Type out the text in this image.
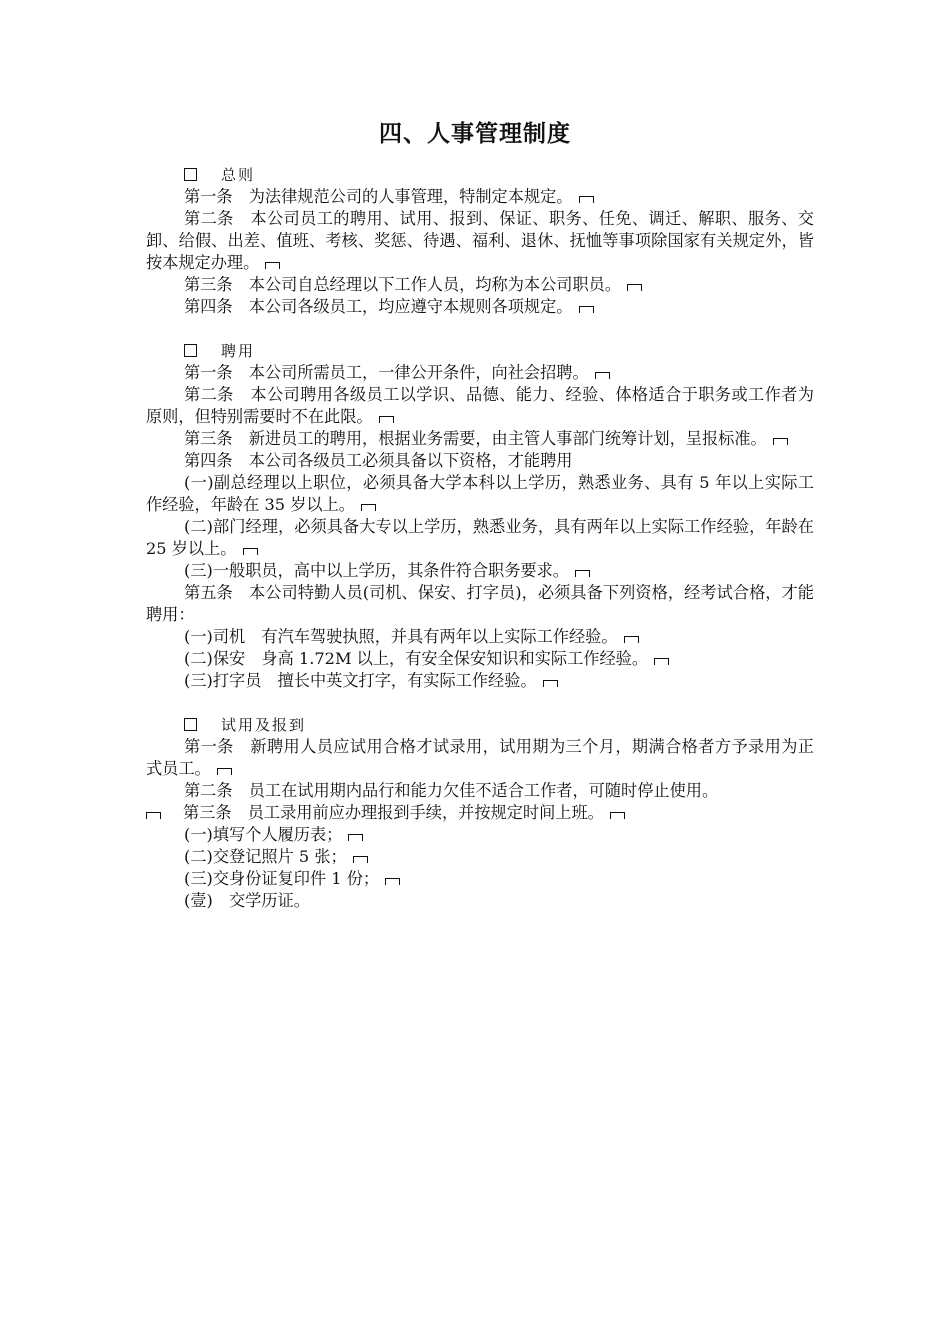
四、人事管理制度
总则
第一条　为法律规范公司的人事管理，特制定本规定。
第二条　本公司员工的聘用、试用、报到、保证、职务、任免、调迁、解职、服务、交卸、给假、出差、值班、考核、奖惩、待遇、福利、退休、抚恤等事项除国家有关规定外，皆按本规定办理。
第三条　本公司自总经理以下工作人员，均称为本公司职员。
第四条　本公司各级员工，均应遵守本规则各项规定。
聘用
第一条　本公司所需员工，一律公开条件，向社会招聘。
第二条　本公司聘用各级员工以学识、品德、能力、经验、体格适合于职务或工作者为原则，但特别需要时不在此限。
第三条　新进员工的聘用，根据业务需要，由主管人事部门统筹计划，呈报标准。
第四条　本公司各级员工必须具备以下资格，才能聘用
(一)副总经理以上职位，必须具备大学本科以上学历，熟悉业务、具有 5 年以上实际工作经验，年龄在 35 岁以上。
(二)部门经理，必须具备大专以上学历，熟悉业务，具有两年以上实际工作经验，年龄在 25 岁以上。
(三)一般职员，高中以上学历，其条件符合职务要求。
第五条　本公司特勤人员(司机、保安、打字员)，必须具备下列资格，经考试合格，才能聘用：
(一)司机　有汽车驾驶执照，并具有两年以上实际工作经验。
(二)保安　身高 1.72M 以上，有安全保安知识和实际工作经验。
(三)打字员　擅长中英文打字，有实际工作经验。
试用及报到
第一条　新聘用人员应试用合格才试录用，试用期为三个月，期满合格者方予录用为正式员工。
第二条　员工在试用期内品行和能力欠佳不适合工作者，可随时停止使用。
第三条　员工录用前应办理报到手续，并按规定时间上班。
(一)填写个人履历表；
(二)交登记照片 5 张；
(三)交身份证复印件 1 份；
(壹)　交学历证。
